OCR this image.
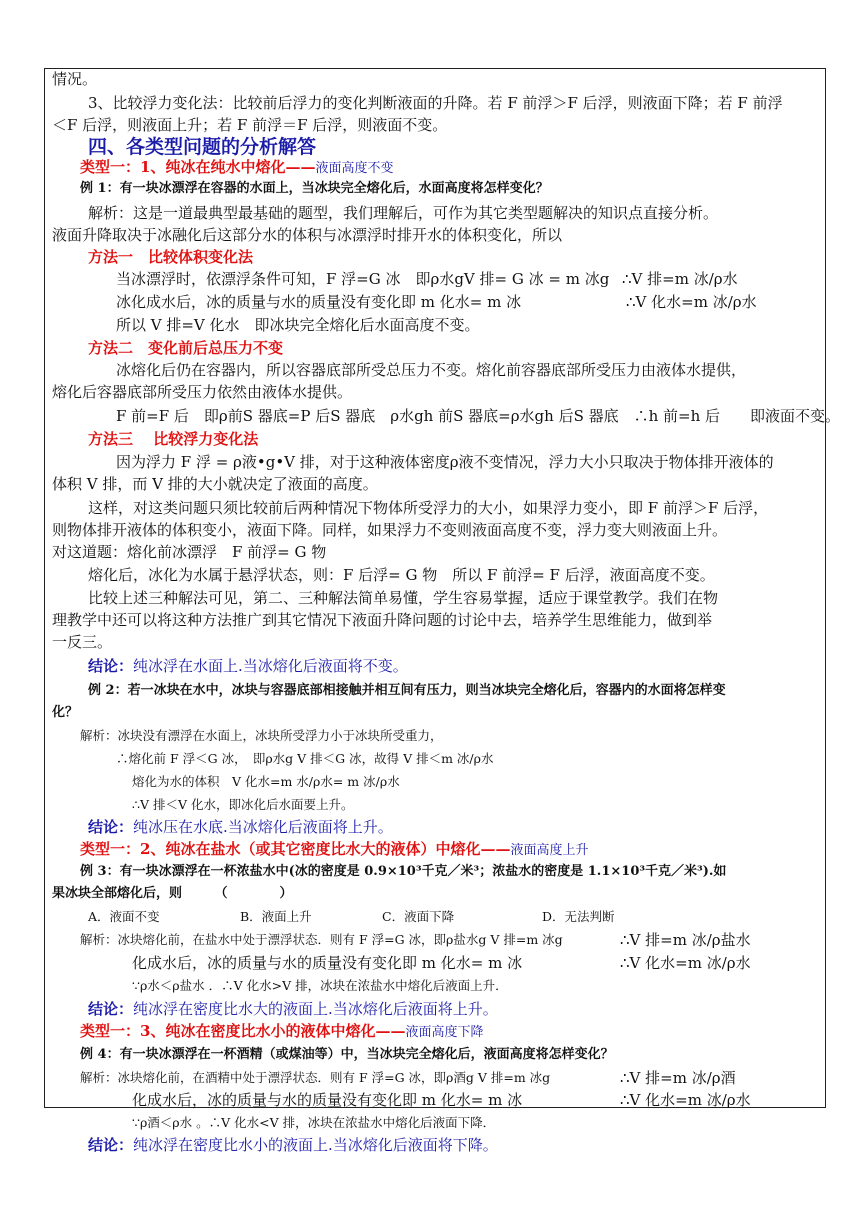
情况。
3、比较浮力变化法：比较前后浮力的变化判断液面的升降。若 F 前浮＞F 后浮，则液面下降；若 F 前浮
＜F 后浮，则液面上升；若 F 前浮＝F 后浮，则液面不变。
四、各类型问题的分析解答
类型一：1、纯冰在纯水中熔化——液面高度不变
例 1：有一块冰漂浮在容器的水面上，当冰块完全熔化后，水面高度将怎样变化？
解析：这是一道最典型最基础的题型，我们理解后，可作为其它类型题解决的知识点直接分析。
液面升降取决于冰融化后这部分水的体积与冰漂浮时排开水的体积变化，所以
方法一　比较体积变化法
当冰漂浮时，依漂浮条件可知，F 浮=G 冰　即ρ水gV 排= G 冰 = m 冰g ∴V 排=m 冰/ρ水
冰化成水后，冰的质量与水的质量没有变化即 m 化水= m 冰	∴V 化水=m 冰/ρ水
所以 V 排=V 化水　即冰块完全熔化后水面高度不变。
方法二　变化前后总压力不变
冰熔化后仍在容器内，所以容器底部所受总压力不变。熔化前容器底部所受压力由液体水提供，
熔化后容器底部所受压力依然由液体水提供。
F 前=F 后　即ρ前S 器底=P 后S 器底　ρ水gh 前S 器底=ρ水gh 后S 器底　∴h 前=h 后　　即液面不变。
方法三　 比较浮力变化法
因为浮力 F 浮 = ρ液•g•V 排，对于这种液体密度ρ液不变情况，浮力大小只取决于物体排开液体的
体积 V 排，而 V 排的大小就决定了液面的高度。
这样，对这类问题只须比较前后两种情况下物体所受浮力的大小，如果浮力变小，即 F 前浮＞F 后浮，
则物体排开液体的体积变小，液面下降。同样，如果浮力不变则液面高度不变，浮力变大则液面上升。
对这道题：熔化前冰漂浮　F 前浮= G 物
熔化后，冰化为水属于悬浮状态，则：F 后浮= G 物　所以 F 前浮= F 后浮，液面高度不变。
比较上述三种解法可见，第二、三种解法简单易懂，学生容易掌握，适应于课堂教学。我们在物
理教学中还可以将这种方法推广到其它情况下液面升降问题的讨论中去，培养学生思维能力，做到举
一反三。
结论：纯冰浮在水面上.当冰熔化后液面将不变。
例 2：若一冰块在水中，冰块与容器底部相接触并相互间有压力，则当冰块完全熔化后，容器内的水面将怎样变
化？
解析：冰块没有漂浮在水面上，冰块所受浮力小于冰块所受重力，
∴熔化前 F 浮＜G 冰，　即ρ水g V 排＜G 冰，故得 V 排＜m 冰/ρ水
熔化为水的体积　V 化水=m 水/ρ水= m 冰/ρ水
∴V 排＜V 化水，即冰化后水面要上升。
结论：纯冰压在水底.当冰熔化后液面将上升。
类型一：2、纯冰在盐水（或其它密度比水大的液体）中熔化——液面高度上升
例 3：有一块冰漂浮在一杯浓盐水中(冰的密度是 0.9×10³千克／米³；浓盐水的密度是 1.1×10³千克／米³).如
果冰块全部熔化后，则　　　（　　　　）
A．液面不变	B．液面上升	C．液面下降	D．无法判断
解析：冰块熔化前，在盐水中处于漂浮状态．则有 F 浮=G 冰，即ρ盐水g V 排=m 冰g	∴V 排=m 冰/ρ盐水
化成水后，冰的质量与水的质量没有变化即 m 化水= m 冰	∴V 化水=m 冰/ρ水
∵ρ水＜ρ盐水 ．∴V 化水>V 排，冰块在浓盐水中熔化后液面上升．
结论：纯冰浮在密度比水大的液面上.当冰熔化后液面将上升。
类型一：3、纯冰在密度比水小的液体中熔化——液面高度下降
例 4：有一块冰漂浮在一杯酒精（或煤油等）中，当冰块完全熔化后，液面高度将怎样变化？
解析：冰块熔化前，在酒精中处于漂浮状态．则有 F 浮=G 冰，即ρ酒g V 排=m 冰g	∴V 排=m 冰/ρ酒
化成水后，冰的质量与水的质量没有变化即 m 化水= m 冰	∴V 化水=m 冰/ρ水
∵ρ酒＜ρ水 。∴V 化水<V 排，冰块在浓盐水中熔化后液面下降．
结论：纯冰浮在密度比水小的液面上.当冰熔化后液面将下降。
